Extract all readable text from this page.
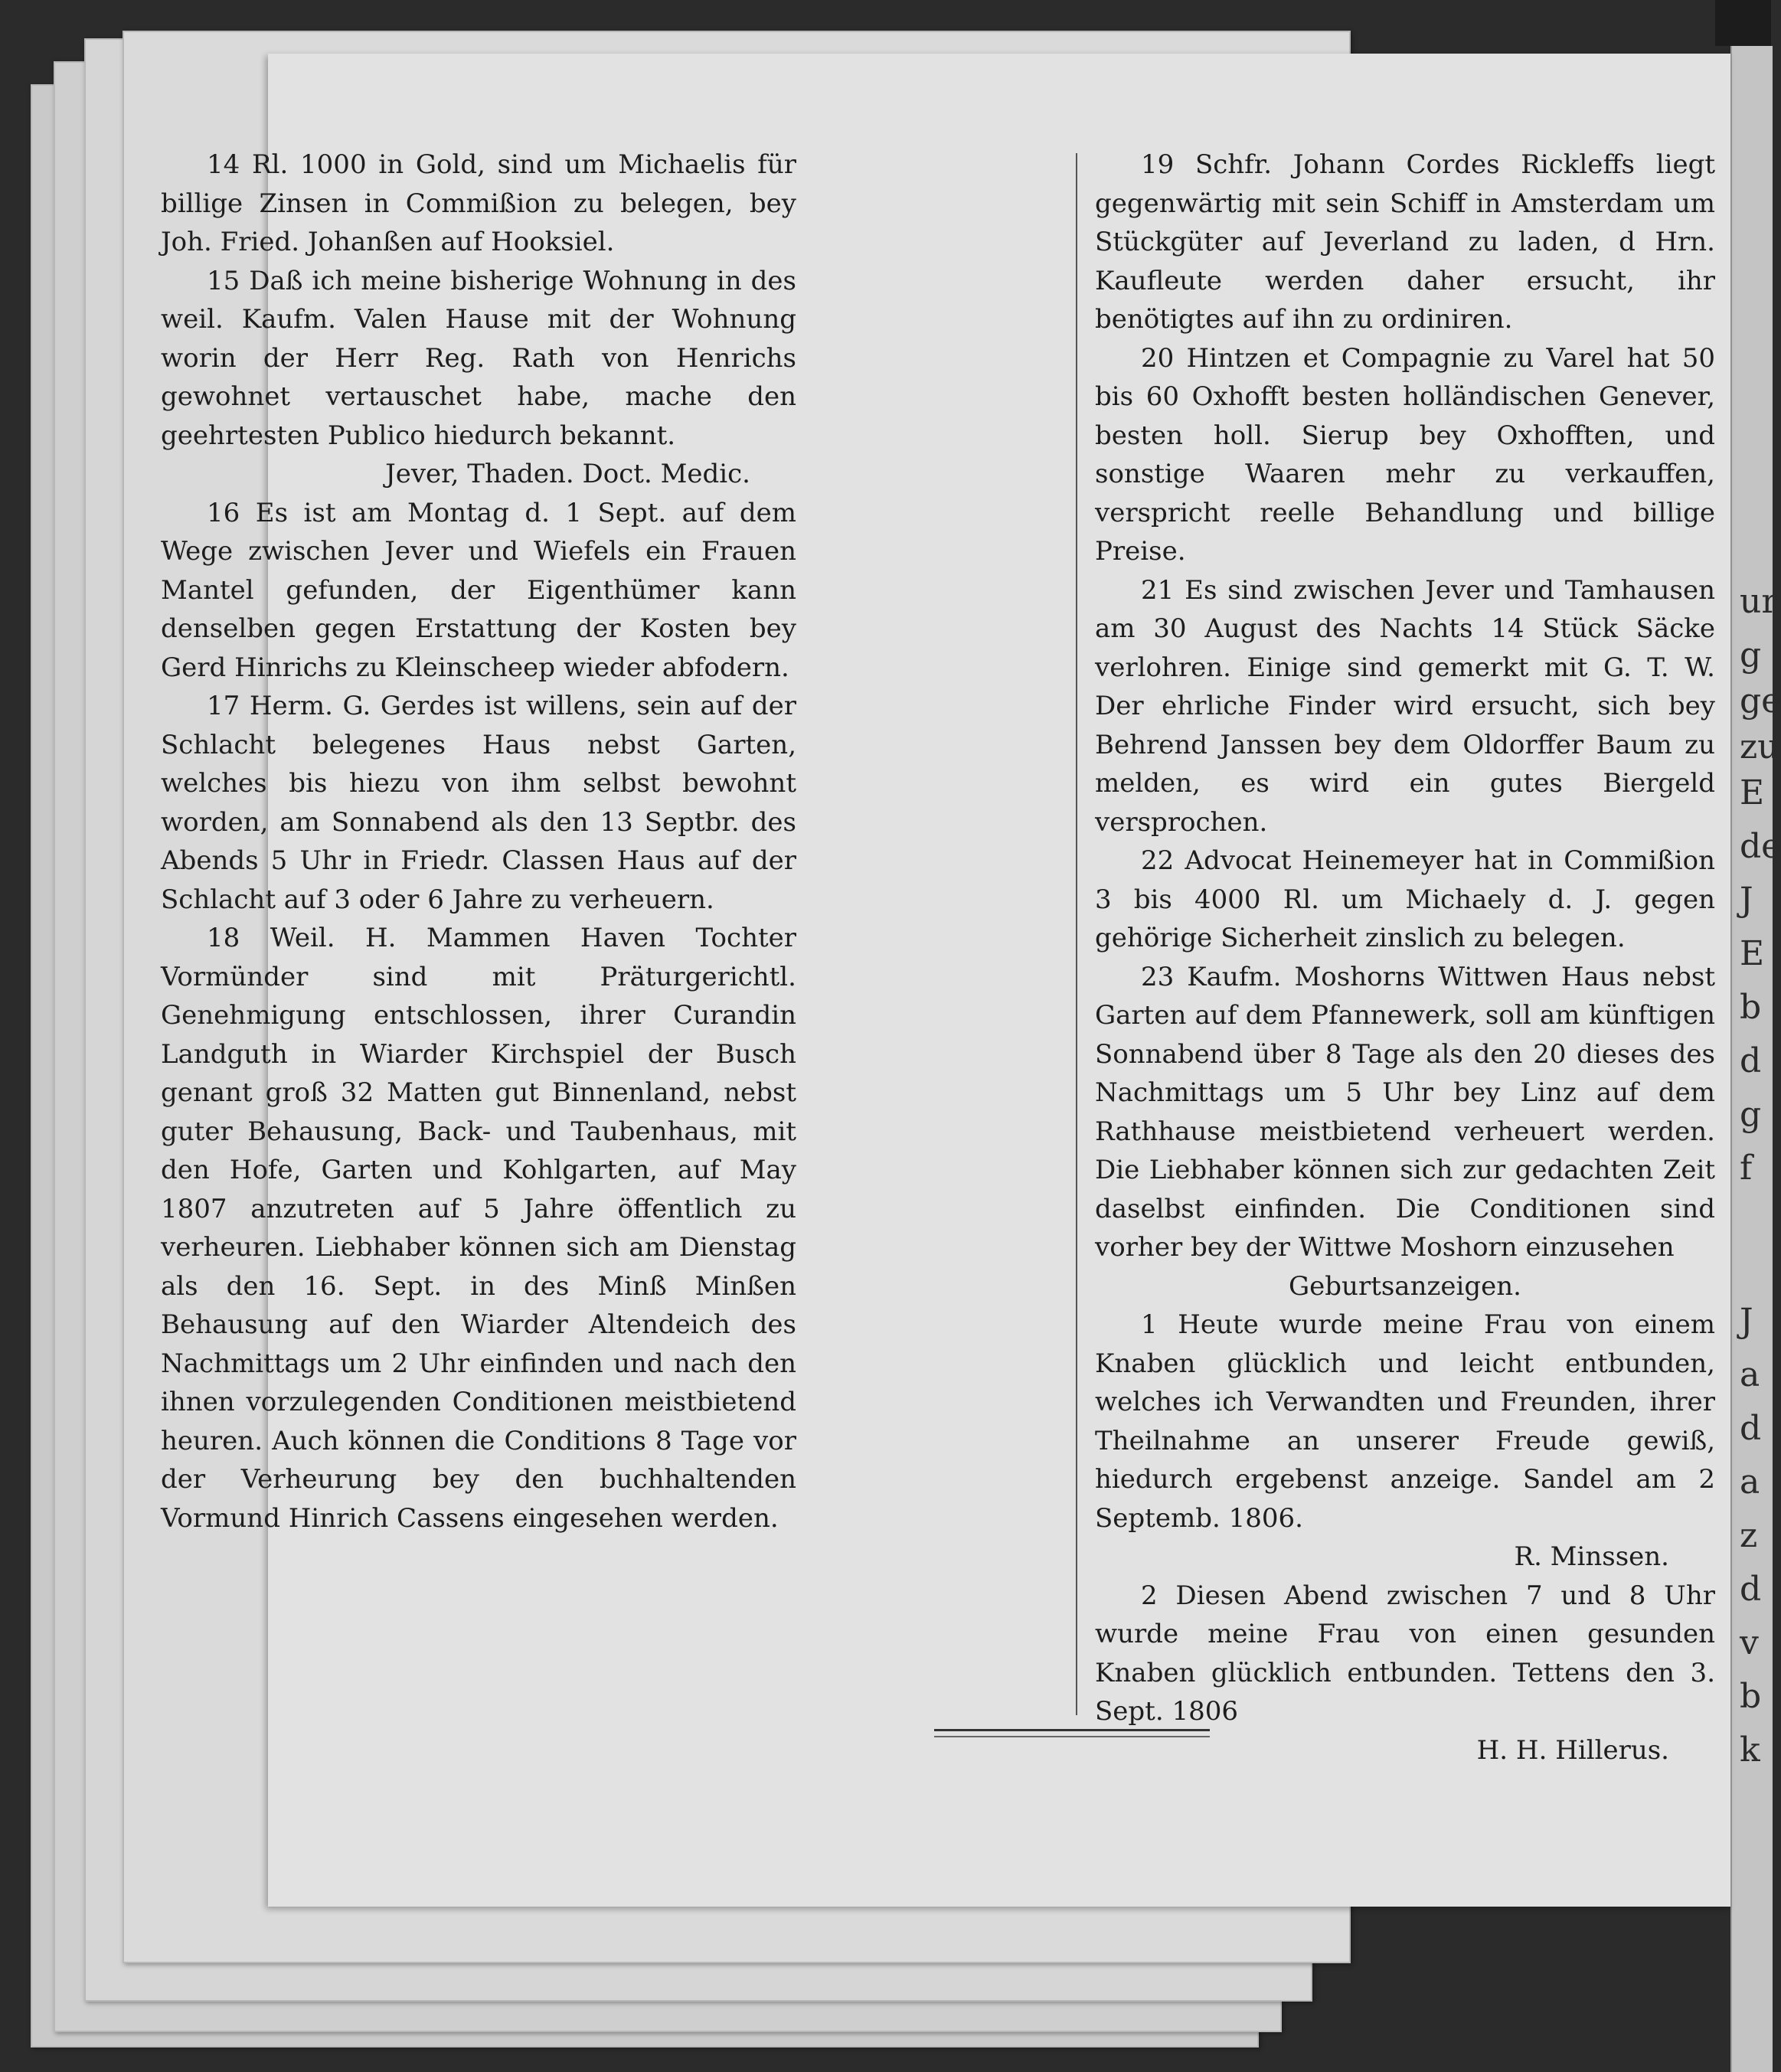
ur
g
ge
zu
E
de
J
E
b
d
g
f
J
a
d
a
z
d
v
b
k

14 Rl. 1000 in Gold, sind um Michaelis für billige Zinsen in Commißion zu belegen, bey Joh. Fried. Johanßen auf Hooksiel.

15 Daß ich meine bisherige Wohnung in des weil. Kaufm. Valen Hause mit der Wohnung worin der Herr Reg. Rath von Henrichs gewohnet vertauschet habe, mache den geehrtesten Publico hiedurch bekannt.

Jever, Thaden. Doct. Medic.

16 Es ist am Montag d. 1 Sept. auf dem Wege zwischen Jever und Wiefels ein Frauen Mantel gefunden, der Eigenthümer kann denselben gegen Erstattung der Kosten bey Gerd Hinrichs zu Kleinscheep wieder abfodern.

17 Herm. G. Gerdes ist willens, sein auf der Schlacht belegenes Haus nebst Garten, welches bis hiezu von ihm selbst bewohnt worden, am Sonnabend als den 13 Septbr. des Abends 5 Uhr in Friedr. Classen Haus auf der Schlacht auf 3 oder 6 Jahre zu verheuern.

18 Weil. H. Mammen Haven Tochter Vormünder sind mit Präturgerichtl. Genehmigung entschlossen, ihrer Curandin Landguth in Wiarder Kirchspiel der Busch genant groß 32 Matten gut Binnenland, nebst guter Behausung, Back- und Taubenhaus, mit den Hofe, Garten und Kohlgarten, auf May 1807 anzutreten auf 5 Jahre öffentlich zu verheuren. Liebhaber können sich am Dienstag als den 16. Sept. in des Minß Minßen Behausung auf den Wiarder Altendeich des Nachmittags um 2 Uhr einfinden und nach den ihnen vorzulegenden Conditionen meistbietend heuren. Auch können die Conditions 8 Tage vor der Verheurung bey den buchhaltenden Vormund Hinrich Cassens eingesehen werden.

19 Schfr. Johann Cordes Rickleffs liegt gegenwärtig mit sein Schiff in Amsterdam um Stückgüter auf Jeverland zu laden, d Hrn. Kaufleute werden daher ersucht, ihr benötigtes auf ihn zu ordiniren.

20 Hintzen et Compagnie zu Varel hat 50 bis 60 Oxhofft besten holländischen Genever, besten holl. Sierup bey Oxhofften, und sonstige Waaren mehr zu verkauffen, verspricht reelle Behandlung und billige Preise.

21 Es sind zwischen Jever und Tamhausen am 30 August des Nachts 14 Stück Säcke verlohren. Einige sind gemerkt mit G. T. W. Der ehrliche Finder wird ersucht, sich bey Behrend Janssen bey dem Oldorffer Baum zu melden, es wird ein gutes Biergeld versprochen.

22 Advocat Heinemeyer hat in Commißion 3 bis 4000 Rl. um Michaely d. J. gegen gehörige Sicherheit zinslich zu belegen.

23 Kaufm. Moshorns Wittwen Haus nebst Garten auf dem Pfannewerk, soll am künftigen Sonnabend über 8 Tage als den 20 dieses des Nachmittags um 5 Uhr bey Linz auf dem Rathhause meistbietend verheuert werden. Die Liebhaber können sich zur gedachten Zeit daselbst einfinden. Die Conditionen sind vorher bey der Wittwe Moshorn einzusehen

Geburtsanzeigen.

1 Heute wurde meine Frau von einem Knaben glücklich und leicht entbunden, welches ich Verwandten und Freunden, ihrer Theilnahme an unserer Freude gewiß, hiedurch ergebenst anzeige. Sandel am 2 Septemb. 1806.

R. Minssen.

2 Diesen Abend zwischen 7 und 8 Uhr wurde meine Frau von einen gesunden Knaben glücklich entbunden. Tettens den 3. Sept. 1806

H. H. Hillerus.
